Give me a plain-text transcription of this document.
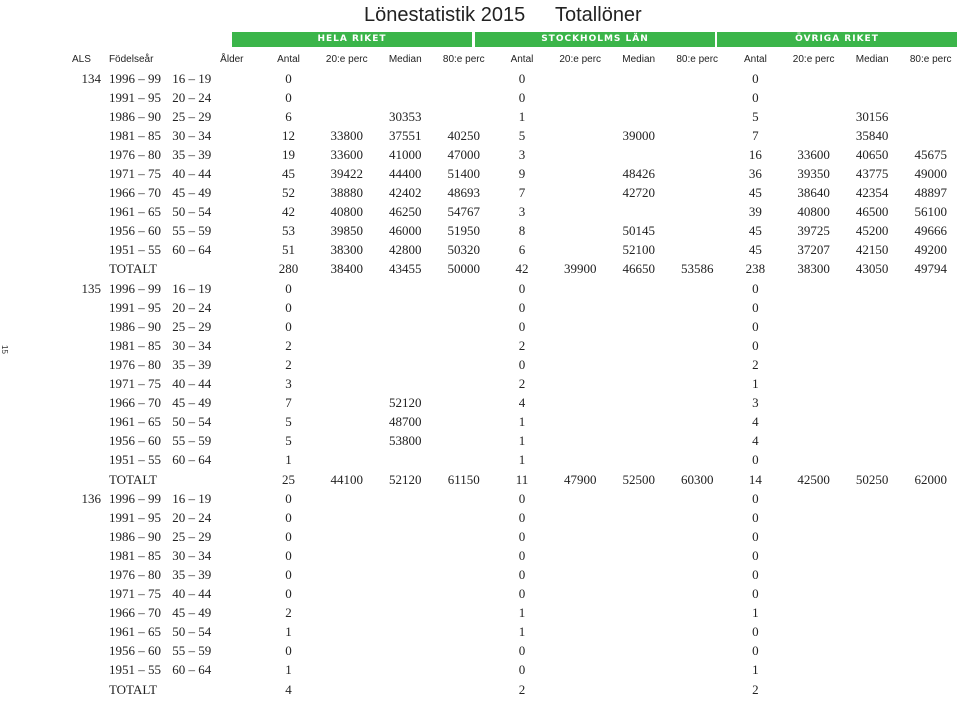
Lönestatistik 2015 Totallöner
15
HELA RIKET	STOCKHOLMS LÄN	ÖVRIGA RIKET
ALS	Födelseår	Ålder	Antal	20:e perc	Median	80:e perc	Antal	20:e perc	Median	80:e perc	Antal	20:e perc	Median	80:e perc
134	1996 – 99	16 – 19	0				0				0			
	1991 – 95	20 – 24	0				0				0			
	1986 – 90	25 – 29	6		30353		1				5		30156	
	1981 – 85	30 – 34	12	33800	37551	40250	5		39000		7		35840	
	1976 – 80	35 – 39	19	33600	41000	47000	3				16	33600	40650	45675
	1971 – 75	40 – 44	45	39422	44400	51400	9		48426		36	39350	43775	49000
	1966 – 70	45 – 49	52	38880	42402	48693	7		42720		45	38640	42354	48897
	1961 – 65	50 – 54	42	40800	46250	54767	3				39	40800	46500	56100
	1956 – 60	55 – 59	53	39850	46000	51950	8		50145		45	39725	45200	49666
	1951 – 55	60 – 64	51	38300	42800	50320	6		52100		45	37207	42150	49200
	TOTALT		280	38400	43455	50000	42	39900	46650	53586	238	38300	43050	49794
135	1996 – 99	16 – 19	0				0				0			
	1991 – 95	20 – 24	0				0				0			
	1986 – 90	25 – 29	0				0				0			
	1981 – 85	30 – 34	2				2				0			
	1976 – 80	35 – 39	2				0				2			
	1971 – 75	40 – 44	3				2				1			
	1966 – 70	45 – 49	7		52120		4				3			
	1961 – 65	50 – 54	5		48700		1				4			
	1956 – 60	55 – 59	5		53800		1				4			
	1951 – 55	60 – 64	1				1				0			
	TOTALT		25	44100	52120	61150	11	47900	52500	60300	14	42500	50250	62000
136	1996 – 99	16 – 19	0				0				0			
	1991 – 95	20 – 24	0				0				0			
	1986 – 90	25 – 29	0				0				0			
	1981 – 85	30 – 34	0				0				0			
	1976 – 80	35 – 39	0				0				0			
	1971 – 75	40 – 44	0				0				0			
	1966 – 70	45 – 49	2				1				1			
	1961 – 65	50 – 54	1				1				0			
	1956 – 60	55 – 59	0				0				0			
	1951 – 55	60 – 64	1				0				1			
	TOTALT		4				2				2			
